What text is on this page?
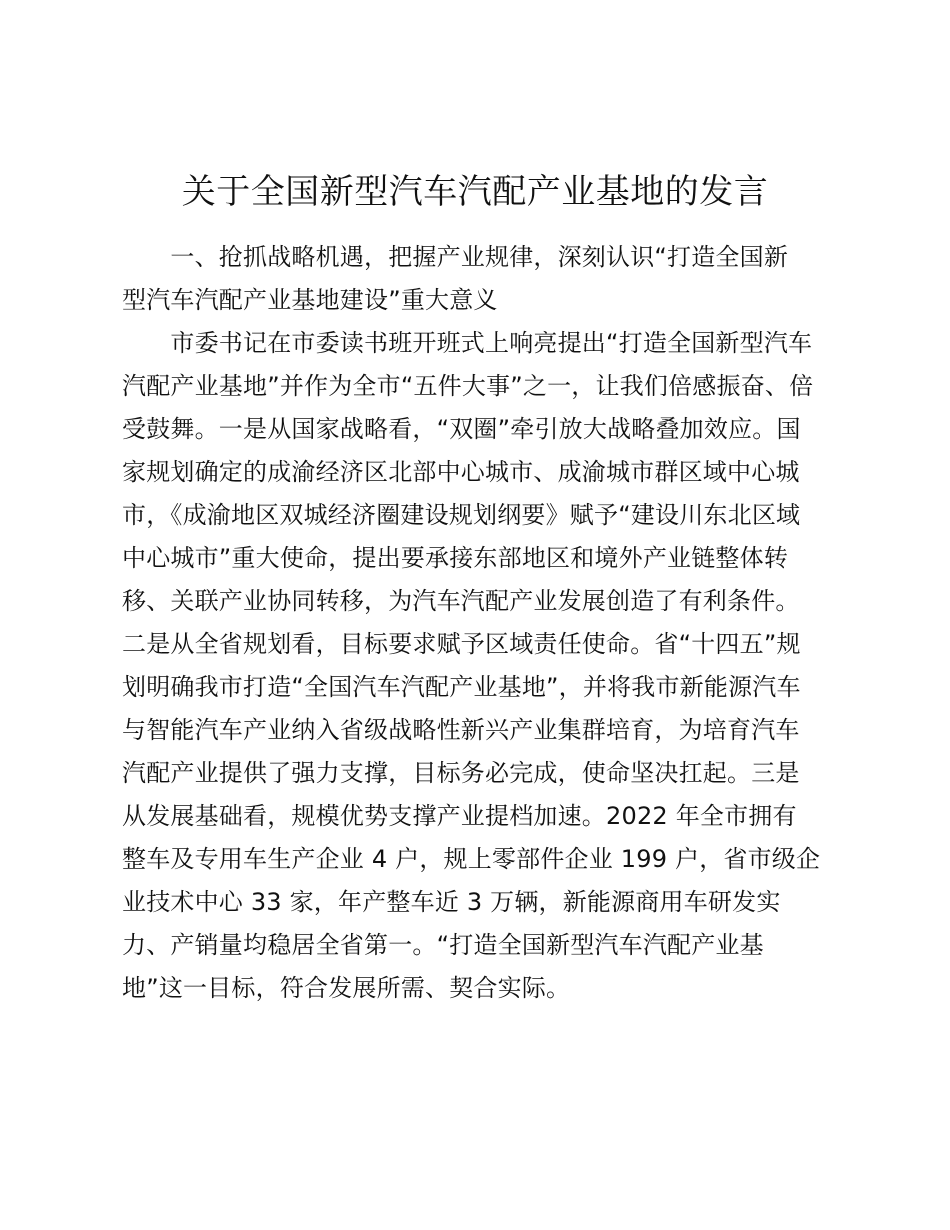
关于全国新型汽车汽配产业基地的发言
　　一、抢抓战略机遇，把握产业规律，深刻认识“打造全国新
型汽车汽配产业基地建设”重大意义
　　市委书记在市委读书班开班式上响亮提出“打造全国新型汽车
汽配产业基地”并作为全市“五件大事”之一，让我们倍感振奋、倍
受鼓舞。一是从国家战略看，“双圈”牵引放大战略叠加效应。国
家规划确定的成渝经济区北部中心城市、成渝城市群区域中心城
市，《成渝地区双城经济圈建设规划纲要》赋予“建设川东北区域
中心城市”重大使命，提出要承接东部地区和境外产业链整体转
移、关联产业协同转移，为汽车汽配产业发展创造了有利条件。
二是从全省规划看，目标要求赋予区域责任使命。省“十四五”规
划明确我市打造“全国汽车汽配产业基地”，并将我市新能源汽车
与智能汽车产业纳入省级战略性新兴产业集群培育，为培育汽车
汽配产业提供了强力支撑，目标务必完成，使命坚决扛起。三是
从发展基础看，规模优势支撑产业提档加速。2022 年全市拥有
整车及专用车生产企业 4 户，规上零部件企业 199 户，省市级企
业技术中心 33 家，年产整车近 3 万辆，新能源商用车研发实
力、产销量均稳居全省第一。“打造全国新型汽车汽配产业基
地”这一目标，符合发展所需、契合实际。
